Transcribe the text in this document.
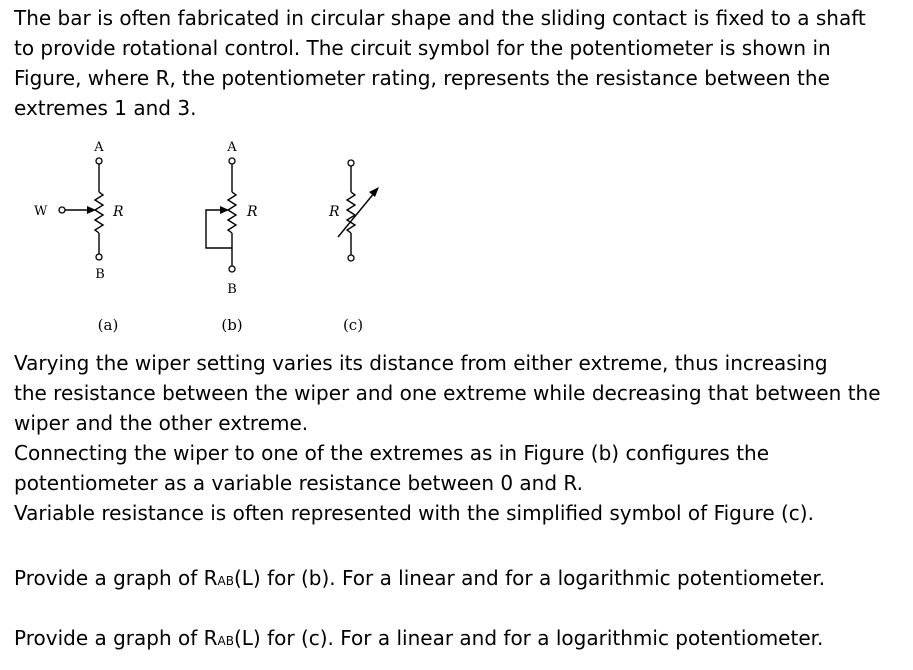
The bar is often fabricated in circular shape and the sliding contact is fixed to a shaft
to provide rotational control. The circuit symbol for the potentiometer is shown in
Figure, where R, the potentiometer rating, represents the resistance between the
extremes 1 and 3.
A
B
W	R
(a)
A
B
R
(b)
R
(c)
Varying the wiper setting varies its distance from either extreme, thus increasing
the resistance between the wiper and one extreme while decreasing that between the
wiper and the other extreme.
Connecting the wiper to one of the extremes as in Figure (b) configures the
potentiometer as a variable resistance between 0 and R.
Variable resistance is often represented with the simplified symbol of Figure (c).
Provide a graph of RAB(L) for (b). For a linear and for a logarithmic potentiometer.
Provide a graph of RAB(L) for (c). For a linear and for a logarithmic potentiometer.
